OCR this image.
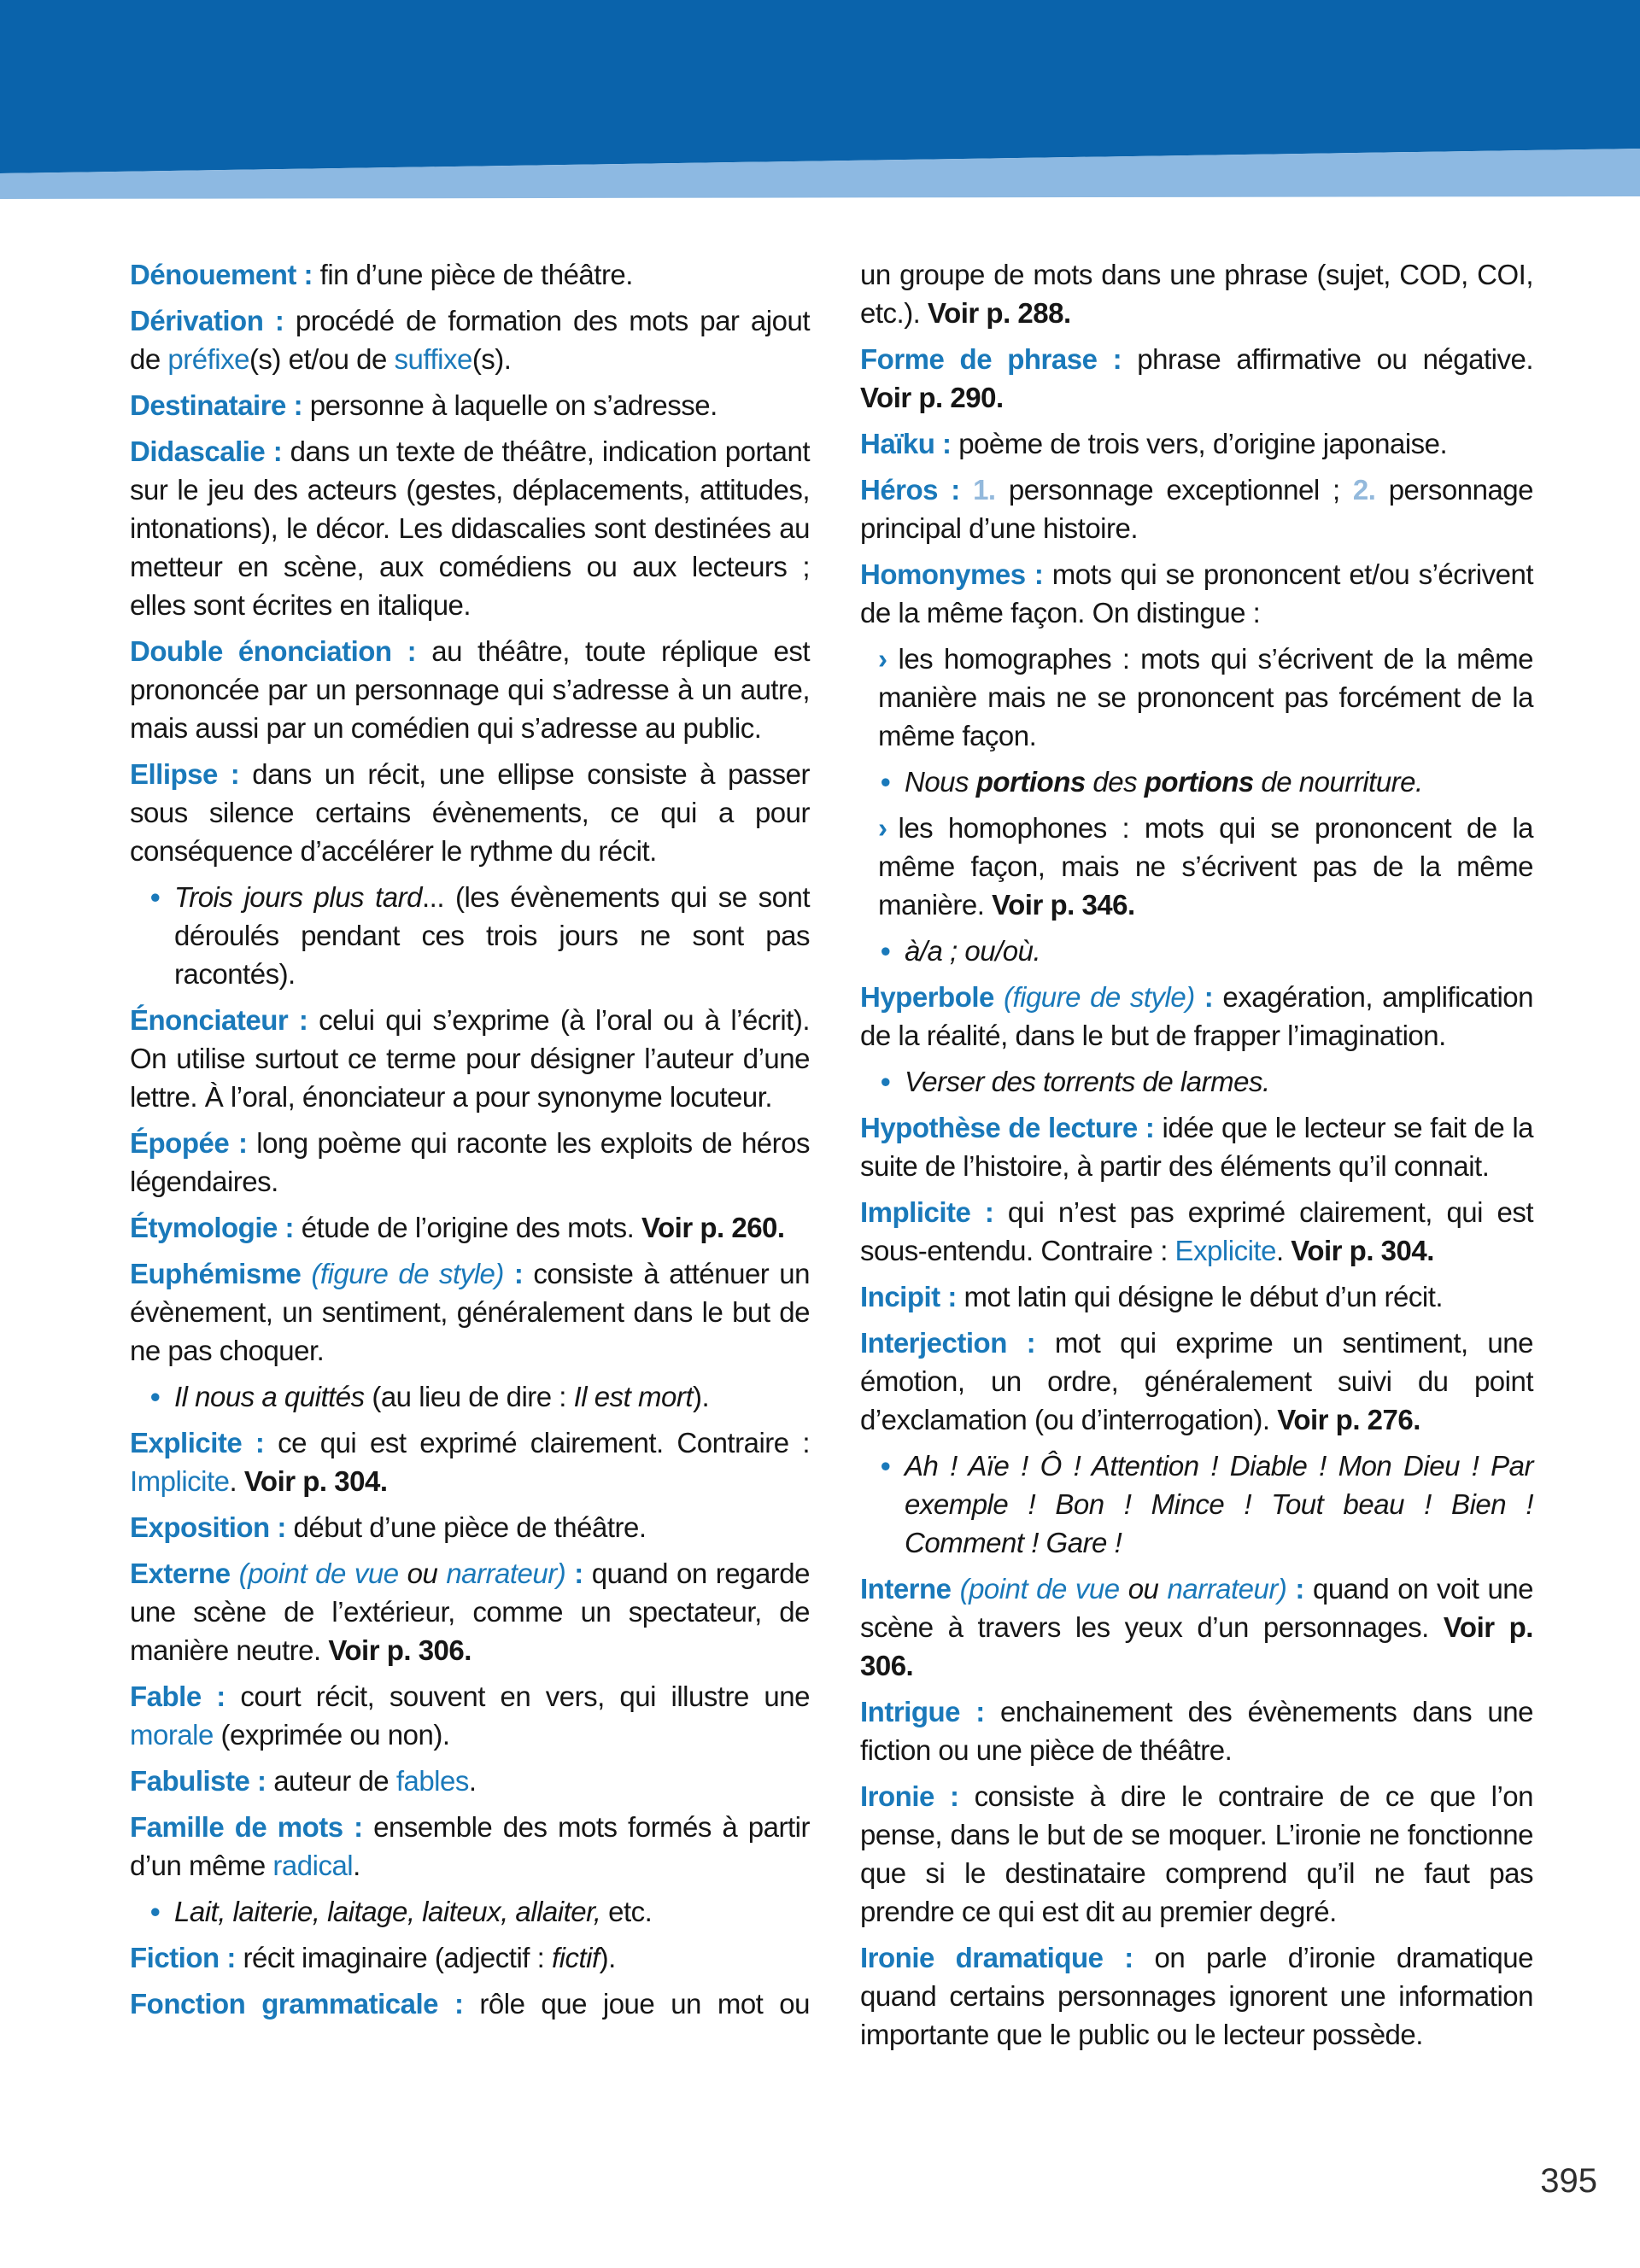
Dénouement : fin d’une pièce de théâtre.
Dérivation : procédé de formation des mots par ajout de préfixe(s) et/ou de suffixe(s).
Destinataire : personne à laquelle on s’adresse.
Didascalie : dans un texte de théâtre, indication portant sur le jeu des acteurs (gestes, déplacements, attitudes, intonations), le décor. Les didascalies sont destinées au metteur en scène, aux comédiens ou aux lecteurs ; elles sont écrites en italique.
Double énonciation : au théâtre, toute réplique est prononcée par un personnage qui s’adresse à un autre, mais aussi par un comédien qui s’adresse au public.
Ellipse : dans un récit, une ellipse consiste à passer sous silence certains évènements, ce qui a pour conséquence d’accélérer le rythme du récit.
• Trois jours plus tard... (les évènements qui se sont déroulés pendant ces trois jours ne sont pas racontés).
Énonciateur : celui qui s’exprime (à l’oral ou à l’écrit). On utilise surtout ce terme pour désigner l’auteur d’une lettre. À l’oral, énonciateur a pour synonyme locuteur.
Épopée : long poème qui raconte les exploits de héros légendaires.
Étymologie : étude de l’origine des mots. Voir p. 260.
Euphémisme (figure de style) : consiste à atténuer un évènement, un sentiment, généralement dans le but de ne pas choquer.
• Il nous a quittés (au lieu de dire : Il est mort).
Explicite : ce qui est exprimé clairement. Contraire : Implicite. Voir p. 304.
Exposition : début d’une pièce de théâtre.
Externe (point de vue ou narrateur) : quand on regarde une scène de l’extérieur, comme un spectateur, de manière neutre. Voir p. 306.
Fable : court récit, souvent en vers, qui illustre une morale (exprimée ou non).
Fabuliste : auteur de fables.
Famille de mots : ensemble des mots formés à partir d’un même radical.
• Lait, laiterie, laitage, laiteux, allaiter, etc.
Fiction : récit imaginaire (adjectif : fictif).
Fonction grammaticale : rôle que joue un mot ou
un groupe de mots dans une phrase (sujet, COD, COI, etc.). Voir p. 288.
Forme de phrase : phrase affirmative ou négative. Voir p. 290.
Haïku : poème de trois vers, d’origine japonaise.
Héros : 1. personnage exceptionnel ; 2. personnage principal d’une histoire.
Homonymes : mots qui se prononcent et/ou s’écrivent de la même façon. On distingue :
› les homographes : mots qui s’écrivent de la même manière mais ne se prononcent pas forcément de la même façon.
• Nous portions des portions de nourriture.
› les homophones : mots qui se prononcent de la même façon, mais ne s’écrivent pas de la même manière. Voir p. 346.
• à/a ; ou/où.
Hyperbole (figure de style) : exagération, amplification de la réalité, dans le but de frapper l’imagination.
• Verser des torrents de larmes.
Hypothèse de lecture : idée que le lecteur se fait de la suite de l’histoire, à partir des éléments qu’il connait.
Implicite : qui n’est pas exprimé clairement, qui est sous-entendu. Contraire : Explicite. Voir p. 304.
Incipit : mot latin qui désigne le début d’un récit.
Interjection : mot qui exprime un sentiment, une émotion, un ordre, généralement suivi du point d’exclamation (ou d’interrogation). Voir p. 276.
• Ah ! Aïe ! Ô ! Attention ! Diable ! Mon Dieu ! Par exemple ! Bon ! Mince ! Tout beau ! Bien ! Comment ! Gare !
Interne (point de vue ou narrateur) : quand on voit une scène à travers les yeux d’un personnages. Voir p. 306.
Intrigue : enchainement des évènements dans une fiction ou une pièce de théâtre.
Ironie : consiste à dire le contraire de ce que l’on pense, dans le but de se moquer. L’ironie ne fonctionne que si le destinataire comprend qu’il ne faut pas prendre ce qui est dit au premier degré.
Ironie dramatique : on parle d’ironie dramatique quand certains personnages ignorent une information importante que le public ou le lecteur possède.
395
